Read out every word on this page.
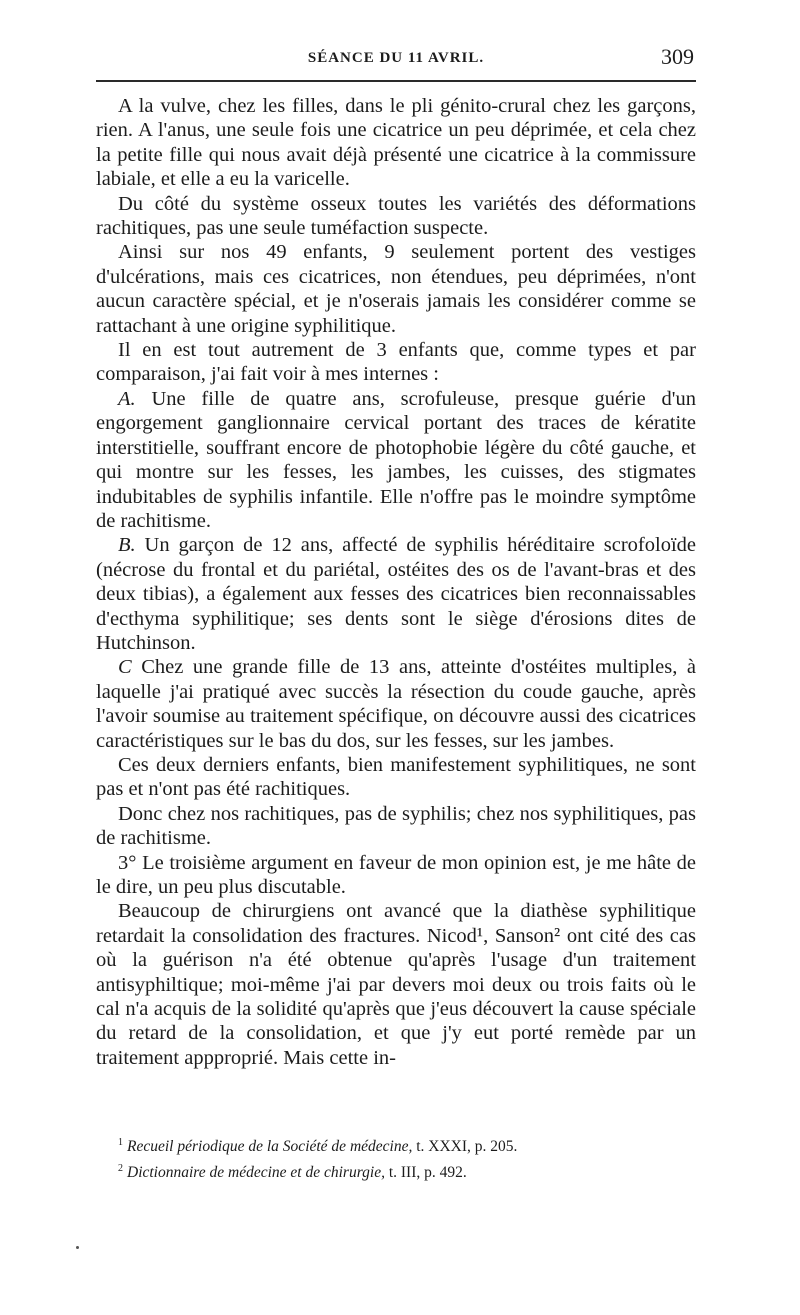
SÉANCE DU 11 AVRIL.	309

A la vulve, chez les filles, dans le pli génito-crural chez les garçons, rien. A l'anus, une seule fois une cicatrice un peu déprimée, et cela chez la petite fille qui nous avait déjà présenté une cicatrice à la commissure labiale, et elle a eu la varicelle.

Du côté du système osseux toutes les variétés des déformations rachitiques, pas une seule tuméfaction suspecte.

Ainsi sur nos 49 enfants, 9 seulement portent des vestiges d'ulcérations, mais ces cicatrices, non étendues, peu déprimées, n'ont aucun caractère spécial, et je n'oserais jamais les considérer comme se rattachant à une origine syphilitique.

Il en est tout autrement de 3 enfants que, comme types et par comparaison, j'ai fait voir à mes internes :

A. Une fille de quatre ans, scrofuleuse, presque guérie d'un engorgement ganglionnaire cervical portant des traces de kératite interstitielle, souffrant encore de photophobie légère du côté gauche, et qui montre sur les fesses, les jambes, les cuisses, des stigmates indubitables de syphilis infantile. Elle n'offre pas le moindre symptôme de rachitisme.

B. Un garçon de 12 ans, affecté de syphilis héréditaire scrofoloïde (nécrose du frontal et du pariétal, ostéites des os de l'avant-bras et des deux tibias), a également aux fesses des cicatrices bien reconnaissables d'ecthyma syphilitique; ses dents sont le siège d'érosions dites de Hutchinson.

C Chez une grande fille de 13 ans, atteinte d'ostéites multiples, à laquelle j'ai pratiqué avec succès la résection du coude gauche, après l'avoir soumise au traitement spécifique, on découvre aussi des cicatrices caractéristiques sur le bas du dos, sur les fesses, sur les jambes.

Ces deux derniers enfants, bien manifestement syphilitiques, ne sont pas et n'ont pas été rachitiques.

Donc chez nos rachitiques, pas de syphilis; chez nos syphilitiques, pas de rachitisme.

3° Le troisième argument en faveur de mon opinion est, je me hâte de le dire, un peu plus discutable.

Beaucoup de chirurgiens ont avancé que la diathèse syphilitique retardait la consolidation des fractures. Nicod¹, Sanson² ont cité des cas où la guérison n'a été obtenue qu'après l'usage d'un traitement antisyphiltique; moi-même j'ai par devers moi deux ou trois faits où le cal n'a acquis de la solidité qu'après que j'eus découvert la cause spéciale du retard de la consolidation, et que j'y eut porté remède par un traitement appproprié. Mais cette in-

$^1$ Recueil périodique de la Société de médecine, t. XXXI, p. 205.

$^2$ Dictionnaire de médecine et de chirurgie, t. III, p. 492.
